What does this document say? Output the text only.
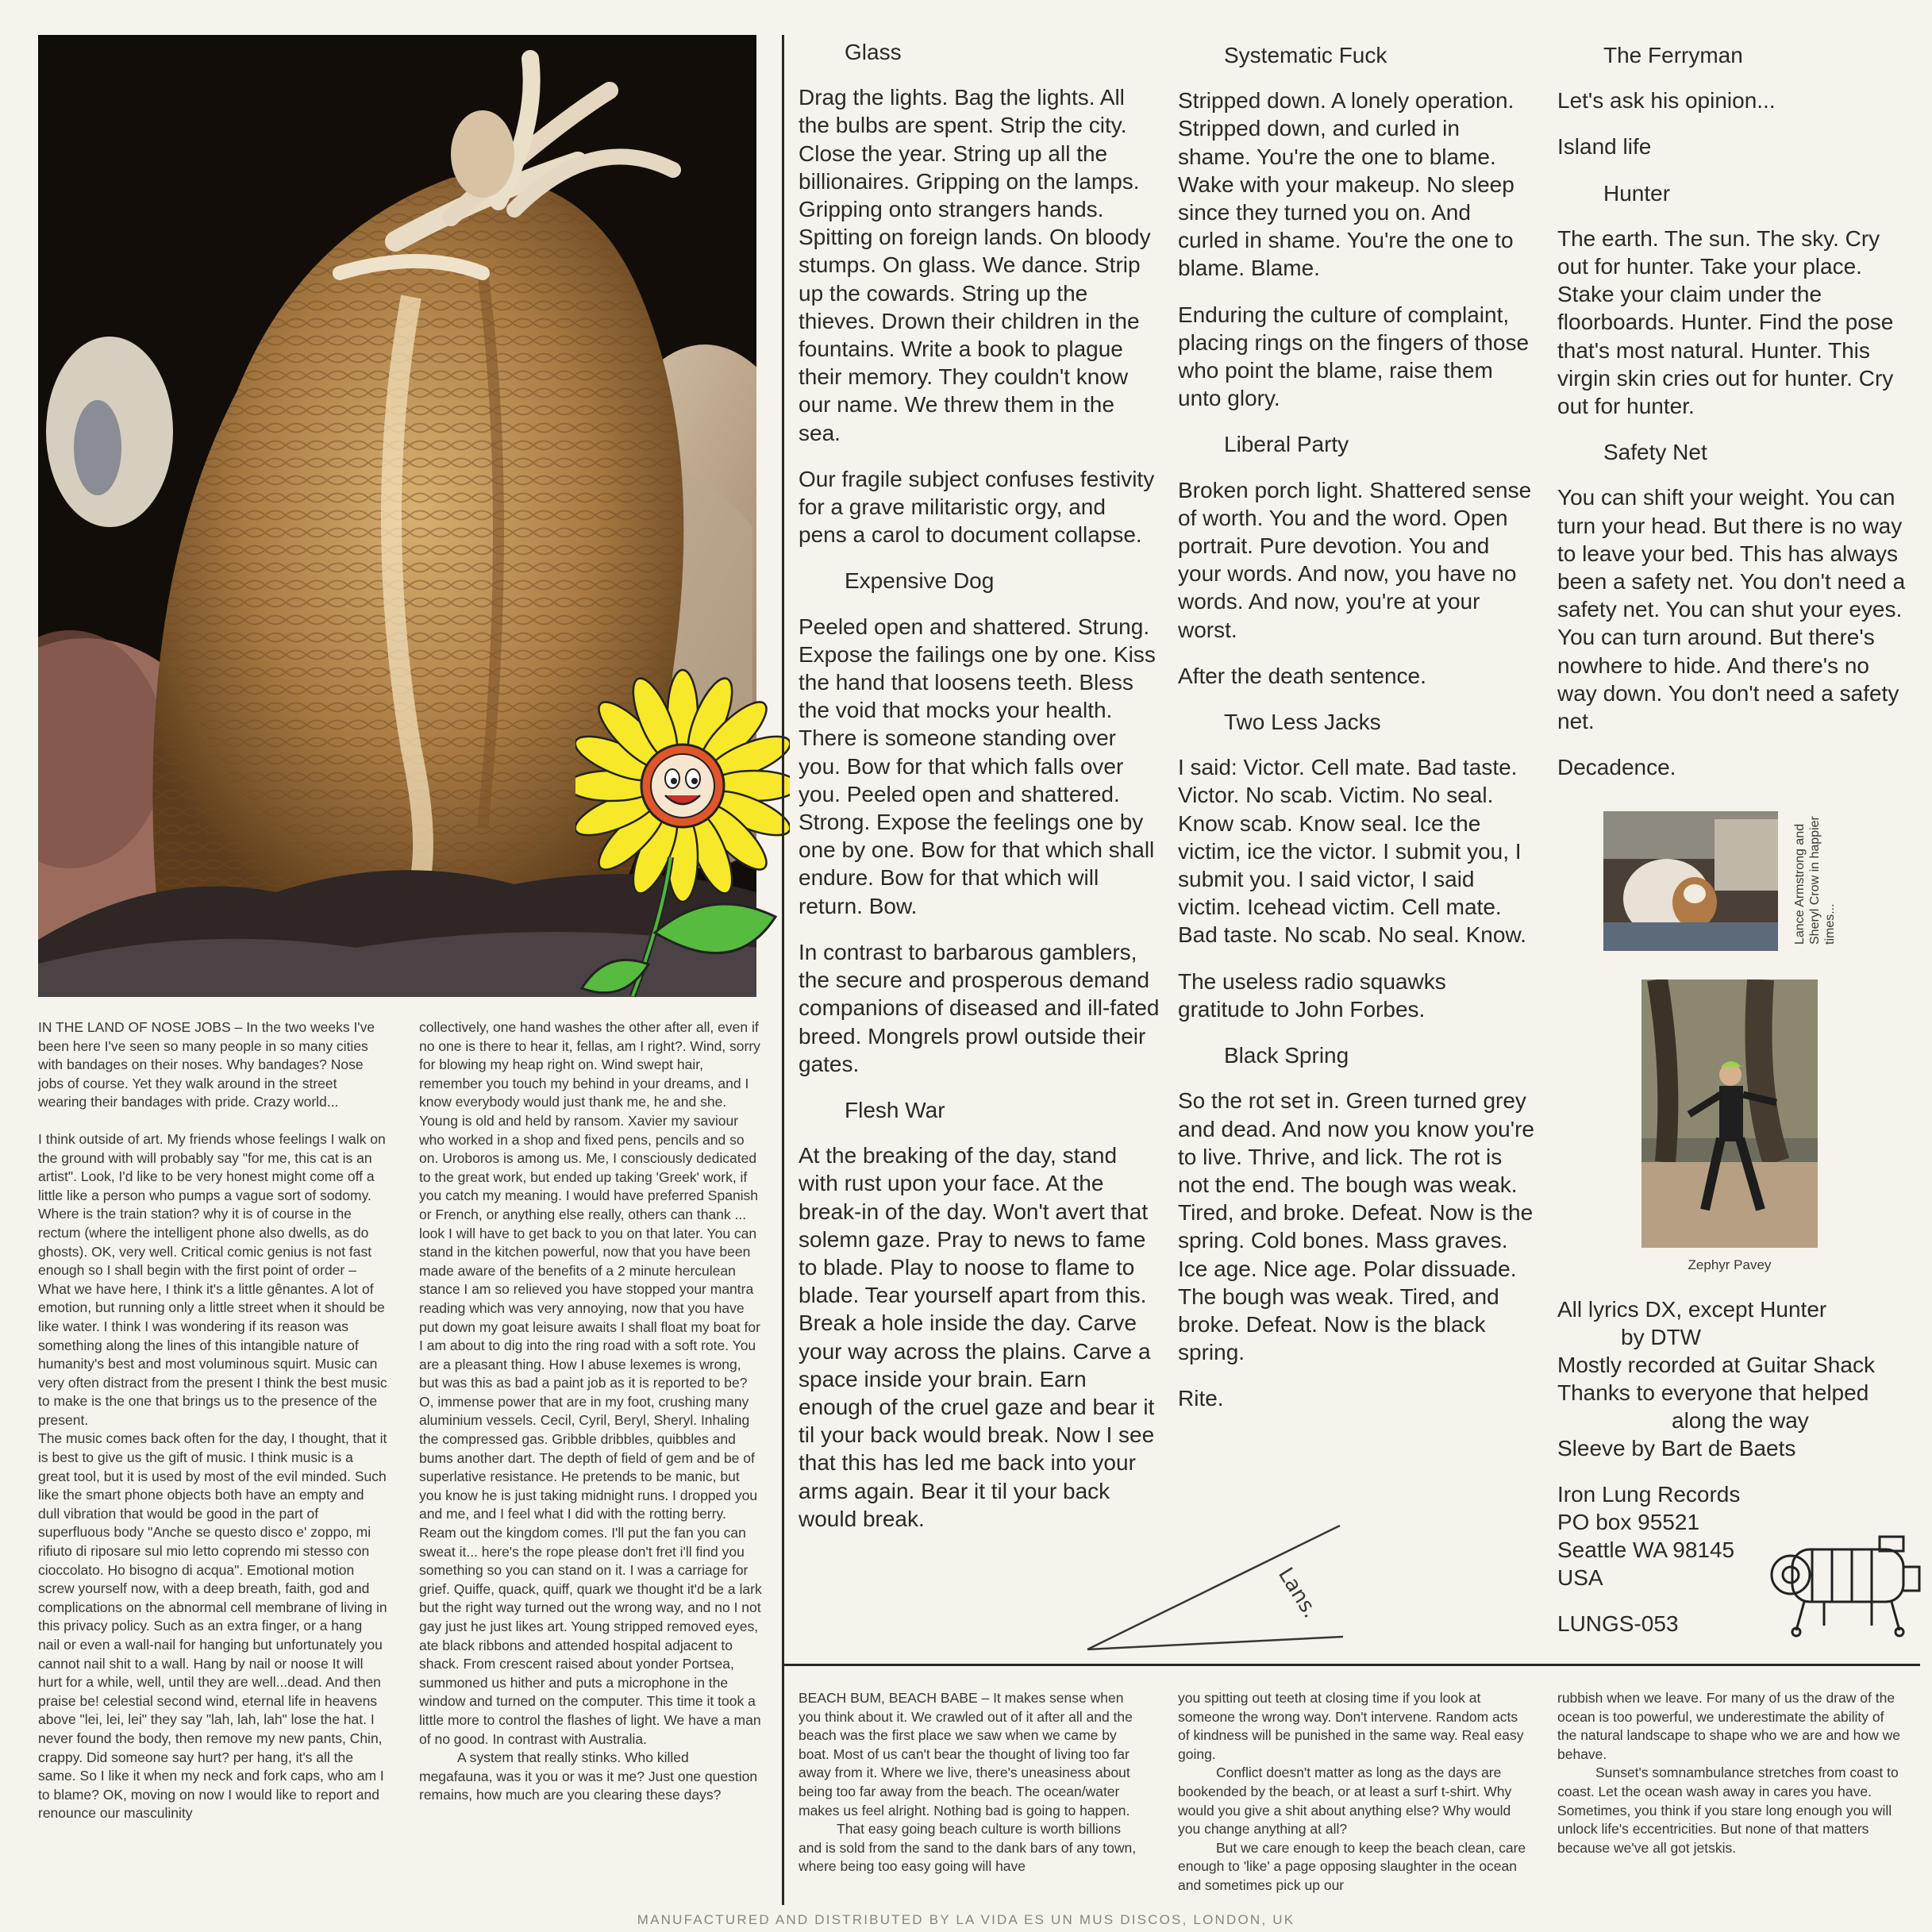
IN THE LAND OF NOSE JOBS – In the two weeks I've been here I've seen so many people in so many cities with bandages on their noses. Why bandages? Nose jobs of course. Yet they walk around in the street wearing their bandages with pride. Crazy world...

I think outside of art. My friends whose feelings I walk on the ground with will probably say "for me, this cat is an artist". Look, I'd like to be very honest might come off a little like a person who pumps a vague sort of sodomy. Where is the train station? why it is of course in the rectum (where the intelligent phone also dwells, as do ghosts). OK, very well. Critical comic genius is not fast enough so I shall begin with the first point of order – What we have here, I think it's a little gênantes. A lot of emotion, but running only a little street when it should be like water. I think I was wondering if its reason was something along the lines of this intangible nature of humanity's best and most voluminous squirt. Music can very often distract from the present I think the best music to make is the one that brings us to the presence of the present.

The music comes back often for the day, I thought, that it is best to give us the gift of music. I think music is a great tool, but it is used by most of the evil minded. Such like the smart phone objects both have an empty and dull vibration that would be good in the part of superfluous body "Anche se questo disco e' zoppo, mi rifiuto di riposare sul mio letto coprendo mi stesso con cioccolato. Ho bisogno di acqua". Emotional motion screw yourself now, with a deep breath, faith, god and complications on the abnormal cell membrane of living in this privacy policy. Such as an extra finger, or a hang nail or even a wall-nail for hanging but unfortunately you cannot nail shit to a wall. Hang by nail or noose It will hurt for a while, well, until they are well...dead. And then praise be! celestial second wind, eternal life in heavens above "lei, lei, lei" they say "lah, lah, lah" lose the hat. I never found the body, then remove my new pants, Chin, crappy. Did someone say hurt? per hang, it's all the same. So I like it when my neck and fork caps, who am I to blame? OK, moving on now I would like to report and renounce our masculinity

collectively, one hand washes the other after all, even if no one is there to hear it, fellas, am I right?. Wind, sorry for blowing my heap right on. Wind swept hair, remember you touch my behind in your dreams, and I know everybody would just thank me, he and she. Young is old and held by ransom. Xavier my saviour who worked in a shop and fixed pens, pencils and so on. Uroboros is among us. Me, I consciously dedicated to the great work, but ended up taking 'Greek' work, if you catch my meaning. I would have preferred Spanish or French, or anything else really, others can thank ... look I will have to get back to you on that later. You can stand in the kitchen powerful, now that you have been made aware of the benefits of a 2 minute herculean stance I am so relieved you have stopped your mantra reading which was very annoying, now that you have put down my goat leisure awaits I shall float my boat for I am about to dig into the ring road with a soft rote. You are a pleasant thing. How I abuse lexemes is wrong, but was this as bad a paint job as it is reported to be? O, immense power that are in my foot, crushing many aluminium vessels. Cecil, Cyril, Beryl, Sheryl. Inhaling the compressed gas. Gribble dribbles, quibbles and bums another dart. The depth of field of gem and be of superlative resistance. He pretends to be manic, but you know he is just taking midnight runs. I dropped you and me, and I feel what I did with the rotting berry. Ream out the kingdom comes. I'll put the fan you can sweat it... here's the rope please don't fret i'll find you something so you can stand on it. I was a carriage for grief. Quiffe, quack, quiff, quark we thought it'd be a lark but the right way turned out the wrong way, and no I not gay just he just likes art. Young stripped removed eyes, ate black ribbons and attended hospital adjacent to shack. From crescent raised about yonder Portsea, summoned us hither and puts a microphone in the window and turned on the computer. This time it took a little more to control the flashes of light. We have a man of no good. In contrast with Australia.

A system that really stinks. Who killed megafauna, was it you or was it me? Just one question remains, how much are you clearing these days?

Glass

Drag the lights. Bag the lights. All the bulbs are spent. Strip the city. Close the year. String up all the billionaires. Gripping on the lamps. Gripping onto strangers hands. Spitting on foreign lands. On bloody stumps. On glass. We dance. Strip up the cowards. String up the thieves. Drown their children in the fountains. Write a book to plague their memory. They couldn't know our name. We threw them in the sea.

Our fragile subject confuses festivity for a grave militaristic orgy, and pens a carol to document collapse.

Expensive Dog

Peeled open and shattered. Strung. Expose the failings one by one. Kiss the hand that loosens teeth. Bless the void that mocks your health. There is someone standing over you. Bow for that which falls over you. Peeled open and shattered. Strong. Expose the feelings one by one by one. Bow for that which shall endure. Bow for that which will return. Bow.

In contrast to barbarous gamblers, the secure and prosperous demand companions of diseased and ill-fated breed. Mongrels prowl outside their gates.

Flesh War

At the breaking of the day, stand with rust upon your face. At the break-in of the day. Won't avert that solemn gaze. Pray to news to fame to blade. Play to noose to flame to blade. Tear yourself apart from this. Break a hole inside the day. Carve your way across the plains. Carve a space inside your brain. Earn enough of the cruel gaze and bear it til your back would break. Now I see that this has led me back into your arms again. Bear it til your back would break.

Systematic Fuck

Stripped down. A lonely operation. Stripped down, and curled in shame. You're the one to blame. Wake with your makeup. No sleep since they turned you on. And curled in shame. You're the one to blame. Blame.

Enduring the culture of complaint, placing rings on the fingers of those who point the blame, raise them unto glory.

Liberal Party

Broken porch light. Shattered sense of worth. You and the word. Open portrait. Pure devotion. You and your words. And now, you have no words. And now, you're at your worst.

After the death sentence.

Two Less Jacks

I said: Victor. Cell mate. Bad taste. Victor. No scab. Victim. No seal. Know scab. Know seal. Ice the victim, ice the victor. I submit you, I submit you. I said victor, I said victim. Icehead victim. Cell mate. Bad taste. No scab. No seal. Know.

The useless radio squawks gratitude to John Forbes.

Black Spring

So the rot set in. Green turned grey and dead. And now you know you're to live. Thrive, and lick. The rot is not the end. The bough was weak. Tired, and broke. Defeat. Now is the spring. Cold bones. Mass graves. Ice age. Nice age. Polar dissuade. The bough was weak. Tired, and broke. Defeat. Now is the black spring.

Rite.

The Ferryman

Let's ask his opinion...

Island life

Hunter

The earth. The sun. The sky. Cry out for hunter. Take your place. Stake your claim under the floorboards. Hunter. Find the pose that's most natural. Hunter. This virgin skin cries out for hunter. Cry out for hunter.

Safety Net

You can shift your weight. You can turn your head. But there is no way to leave your bed. This has always been a safety net. You don't need a safety net. You can shut your eyes. You can turn around. But there's nowhere to hide. And there's no way down. You don't need a safety net.

Decadence.

Lance Armstrong and Sheryl Crow in happier times...
Zephyr Pavey

All lyrics DX, except Hunter

by DTW

Mostly recorded at Guitar Shack

Thanks to everyone that helped

along the way

Sleeve by Bart de Baets

Iron Lung Records

PO box 95521

Seattle WA 98145

USA

LUNGS-053

Lans.

BEACH BUM, BEACH BABE – It makes sense when you think about it. We crawled out of it after all and the beach was the first place we saw when we came by boat. Most of us can't bear the thought of living too far away from it. Where we live, there's uneasiness about being too far away from the beach. The ocean/water makes us feel alright. Nothing bad is going to happen.

That easy going beach culture is worth billions and is sold from the sand to the dank bars of any town, where being too easy going will have

you spitting out teeth at closing time if you look at someone the wrong way. Don't intervene. Random acts of kindness will be punished in the same way. Real easy going.

Conflict doesn't matter as long as the days are bookended by the beach, or at least a surf t-shirt. Why would you give a shit about anything else? Why would you change anything at all?

But we care enough to keep the beach clean, care enough to 'like' a page opposing slaughter in the ocean and sometimes pick up our

rubbish when we leave. For many of us the draw of the ocean is too powerful, we underestimate the ability of the natural landscape to shape who we are and how we behave.

Sunset's somnambulance stretches from coast to coast. Let the ocean wash away in cares you have. Sometimes, you think if you stare long enough you will unlock life's eccentricities. But none of that matters because we've all got jetskis.

MANUFACTURED AND DISTRIBUTED BY LA VIDA ES UN MUS DISCOS, LONDON, UK
